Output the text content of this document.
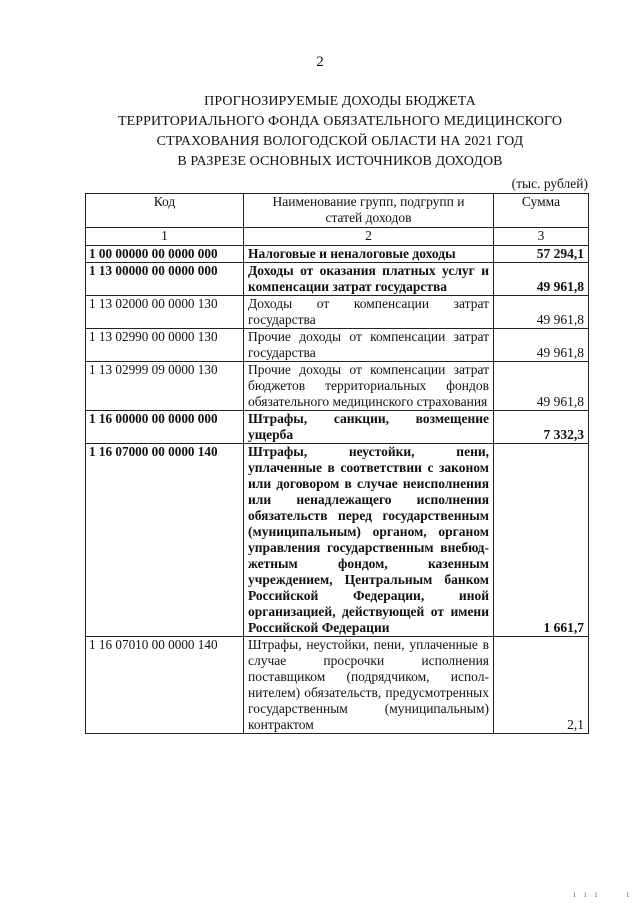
2
ПРОГНОЗИРУЕМЫЕ ДОХОДЫ БЮДЖЕТА
ТЕРРИТОРИАЛЬНОГО ФОНДА ОБЯЗАТЕЛЬНОГО МЕДИЦИНСКОГО
СТРАХОВАНИЯ ВОЛОГОДСКОЙ ОБЛАСТИ НА 2021 ГОД
В РАЗРЕЗЕ ОСНОВНЫХ ИСТОЧНИКОВ ДОХОДОВ
(тыс. рублей)
Код	Наименование групп, подгрупп и статей доходов	Сумма
1	2	3
1 00 00000 00 0000 000	Налоговые и неналоговые доходы	57 294,1
1 13 00000 00 0000 000	Доходы от оказания платных услуг и компенсации затрат государства	49 961,8
1 13 02000 00 0000 130	Доходы от компенсации затрат государства	49 961,8
1 13 02990 00 0000 130	Прочие доходы от компенсации затрат государства	49 961,8
1 13 02999 09 0000 130	Прочие доходы от компенсации затрат бюджетов территориальных фондов обязательного медицинского страхования	49 961,8
1 16 00000 00 0000 000	Штрафы, санкции, возмещение ущерба	7 332,3
1 16 07000 00 0000 140	Штрафы, неустойки, пени, уплаченные в соответствии с законом или договором в случае неисполнения или ненадлежащего исполнения обязательств перед государственным (муниципальным) органом, органом управления государственным внебюджетным фондом, казенным учреждением, Центральным банком Российской Федерации, иной организацией, действующей от имени Российской Федерации	1 661,7
1 16 07010 00 0000 140	Штрафы, неустойки, пени, уплаченные в случае просрочки исполнения поставщиком (подрядчиком, исполнителем) обязательств, предусмотренных государственным (муниципальным) контрактом	2,1
ı ı ı     ı
